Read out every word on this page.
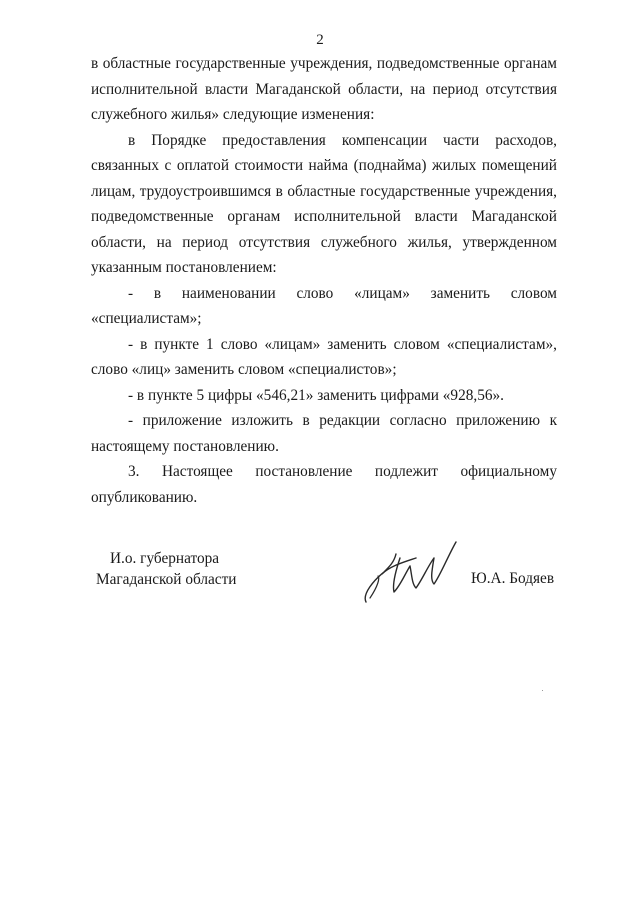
2

в областные государственные учреждения, подведомственные органам исполнительной власти Магаданской области, на период отсутствия служебного жилья» следующие изменения:

в Порядке предоставления компенсации части расходов, связанных с оплатой стоимости найма (поднайма) жилых помещений лицам, трудоустроившимся в областные государственные учреждения, подведомственные органам исполнительной власти Магаданской области, на период отсутствия служебного жилья, утвержденном указанным постановлением:

- в наименовании слово «лицам» заменить словом «специалистам»;

- в пункте 1 слово «лицам» заменить словом «специалистам», слово «лиц» заменить словом «специалистов»;

- в пункте 5 цифры «546,21» заменить цифрами «928,56».

- приложение изложить в редакции согласно приложению к настоящему постановлению.

3. Настоящее постановление подлежит официальному опубликованию.

И.о. губернатора
Магаданской области	Ю.А. Бодяев
